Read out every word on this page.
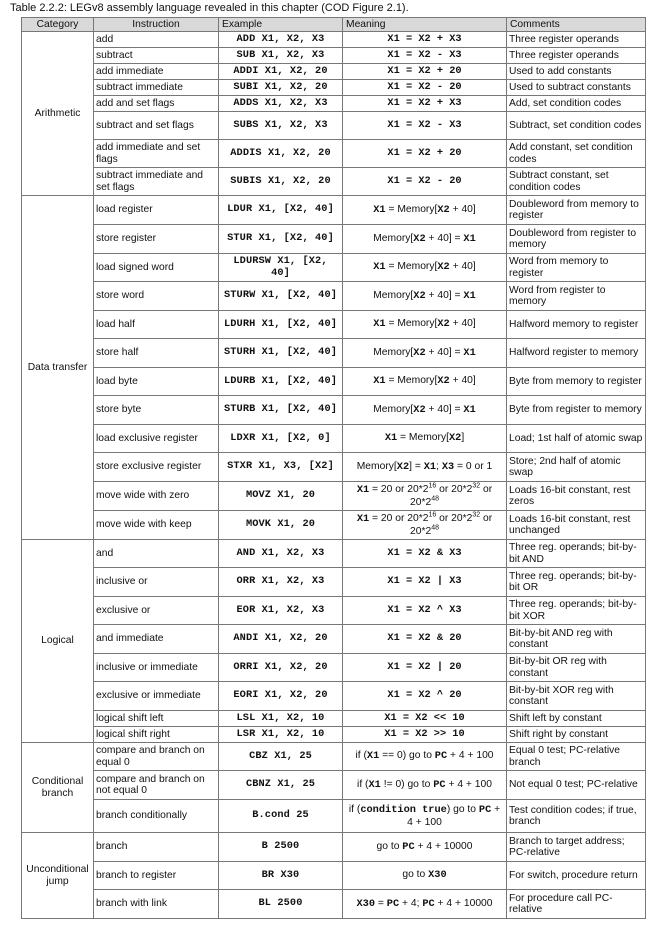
Table 2.2.2: LEGv8 assembly language revealed in this chapter (COD Figure 2.1).
Category	Instruction	Example	Meaning	Comments
Arithmetic	add	ADD X1, X2, X3	X1 = X2 + X3	Three register operands
	subtract	SUB X1, X2, X3	X1 = X2 - X3	Three register operands
	add immediate	ADDI X1, X2, 20	X1 = X2 + 20	Used to add constants
	subtract immediate	SUBI X1, X2, 20	X1 = X2 - 20	Used to subtract constants
	add and set flags	ADDS X1, X2, X3	X1 = X2 + X3	Add, set condition codes
	subtract and set flags	SUBS X1, X2, X3	X1 = X2 - X3	Subtract, set condition codes
	add immediate and set flags	ADDIS X1, X2, 20	X1 = X2 + 20	Add constant, set condition codes
	subtract immediate and set flags	SUBIS X1, X2, 20	X1 = X2 - 20	Subtract constant, set condition codes
Data transfer	load register	LDUR X1, [X2, 40]	X1 = Memory[X2 + 40]	Doubleword from memory to register
	store register	STUR X1, [X2, 40]	Memory[X2 + 40] = X1	Doubleword from register to memory
	load signed word	LDURSW X1, [X2, 40]	X1 = Memory[X2 + 40]	Word from memory to register
	store word	STURW X1, [X2, 40]	Memory[X2 + 40] = X1	Word from register to memory
	load half	LDURH X1, [X2, 40]	X1 = Memory[X2 + 40]	Halfword memory to register
	store half	STURH X1, [X2, 40]	Memory[X2 + 40] = X1	Halfword register to memory
	load byte	LDURB X1, [X2, 40]	X1 = Memory[X2 + 40]	Byte from memory to register
	store byte	STURB X1, [X2, 40]	Memory[X2 + 40] = X1	Byte from register to memory
	load exclusive register	LDXR X1, [X2, 0]	X1 = Memory[X2]	Load; 1st half of atomic swap
	store exclusive register	STXR X1, X3, [X2]	Memory[X2] = X1; X3 = 0 or 1	Store; 2nd half of atomic swap
	move wide with zero	MOVZ X1, 20	X1 = 20 or $20*2^{16}$ or $20*2^{32}$ or $20*2^{48}$	Loads 16-bit constant, rest zeros
	move wide with keep	MOVK X1, 20	X1 = 20 or $20*2^{16}$ or $20*2^{32}$ or $20*2^{48}$	Loads 16-bit constant, rest unchanged
Logical	and	AND X1, X2, X3	X1 = X2 & X3	Three reg. operands; bit-by-bit AND
	inclusive or	ORR X1, X2, X3	X1 = X2 | X3	Three reg. operands; bit-by-bit OR
	exclusive or	EOR X1, X2, X3	X1 = X2 ^ X3	Three reg. operands; bit-by-bit XOR
	and immediate	ANDI X1, X2, 20	X1 = X2 & 20	Bit-by-bit AND reg with constant
	inclusive or immediate	ORRI X1, X2, 20	X1 = X2 | 20	Bit-by-bit OR reg with constant
	exclusive or immediate	EORI X1, X2, 20	X1 = X2 ^ 20	Bit-by-bit XOR reg with constant
	logical shift left	LSL X1, X2, 10	X1 = X2 << 10	Shift left by constant
	logical shift right	LSR X1, X2, 10	X1 = X2 >> 10	Shift right by constant
Conditional branch	compare and branch on equal 0	CBZ X1, 25	if (X1 == 0) go to PC + 4 + 100	Equal 0 test; PC-relative branch
	compare and branch on not equal 0	CBNZ X1, 25	if (X1 != 0) go to PC + 4 + 100	Not equal 0 test; PC-relative
	branch conditionally	B.cond 25	if (condition true) go to PC + 4 + 100	Test condition codes; if true, branch
Unconditional jump	branch	B 2500	go to PC + 4 + 10000	Branch to target address; PC-relative
	branch to register	BR X30	go to X30	For switch, procedure return
	branch with link	BL 2500	X30 = PC + 4; PC + 4 + 10000	For procedure call PC-relative
